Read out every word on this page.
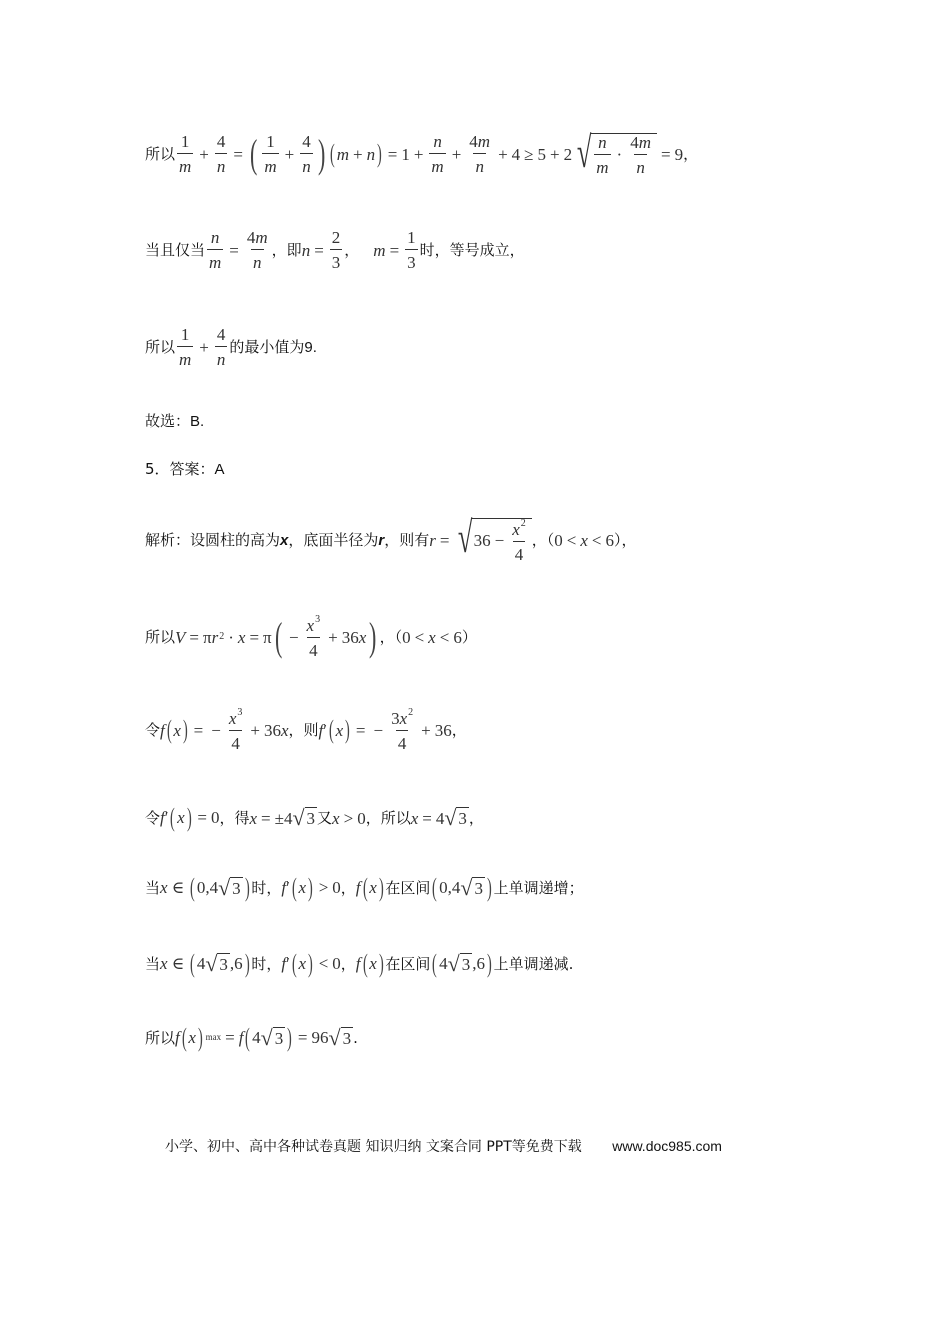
所以 $\frac{1}{m} + \frac{4}{n}$ = ( $\frac{1}{m} + \frac{4}{n}$ ) ( m + n ) = $1 + \frac{n}{m} + \frac{4m}{n} + 4 \ge 5 + 2$ √ $\frac{n}{m} \cdot \frac{4m}{n} = 9$ ，
当且仅当 $\frac{n}{m} = \frac{4m}{n}$ ，即 $n = \frac{2}{3}$ ， $m = \frac{1}{3}$ 时，等号成立，
所以 $\frac{1}{m} + \frac{4}{n}$ 的最小值为 9.
故选： B.
5．答案： A
解析：设圆柱的高为 x ，底面半径为 r ，则有 r = √ $36 - \frac{x^2}{4}$ ，（ 0 < x < 6 ），
所以 V = π r 2 · x = π ( − $\frac{x^3}{4} + 36$ x ) ，（ 0 < x < 6 ）
令 f ( x ) = − $\frac{x^3}{4} + 36$ x ，则 f ′ ( x ) = − $\frac{3x^2}{4} + 36$ ，
令 f ′ ( x ) = 0 ，得 x = ±4 √ 3 又 x > 0 ，所以 x = 4 √ 3 ，
当 x ∈ ( 0,4 √ 3 ) 时， f ′ ( x ) > 0 ， f ( x ) 在区间 ( 0,4 √ 3 ) 上单调递增；
当 x ∈ ( 4 √ 3 ,6 ) 时， f ′ ( x ) < 0 ， f ( x ) 在区间 ( 4 √ 3 ,6 ) 上单调递减.
所以 f ( x ) max = f ( 4 √ 3 ) = 96 √ 3 .
小学、初中、高中各种试卷真题 知识归纳 文案合同 PPT等免费下载 www.doc985.com
